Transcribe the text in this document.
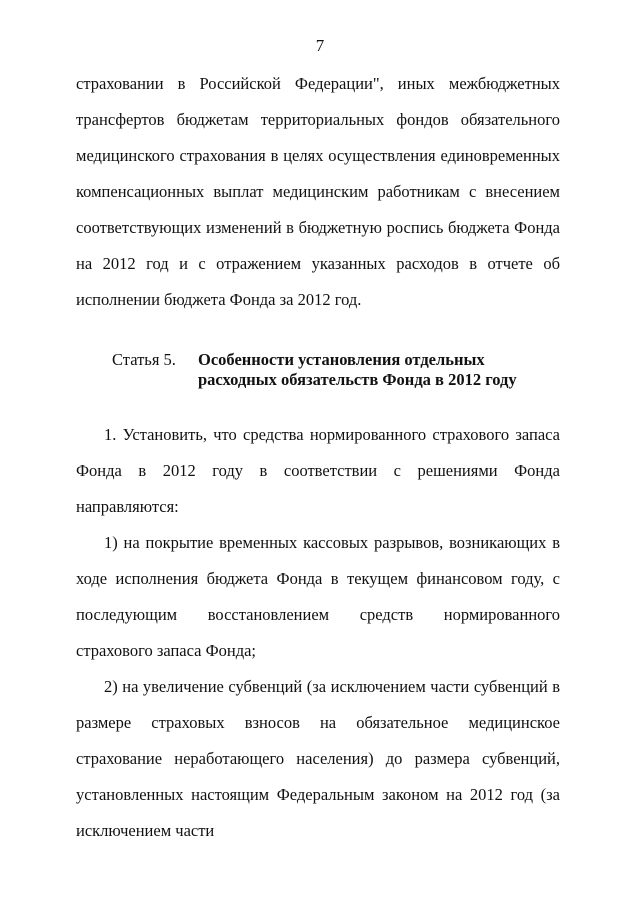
7

страховании в Российской Федерации", иных межбюджетных трансфертов бюджетам территориальных фондов обязательного медицинского страхования в целях осуществления единовременных компенсационных выплат медицинским работникам с внесением соответствующих изменений в бюджетную роспись бюджета Фонда на 2012 год и с отражением указанных расходов в отчете об исполнении бюджета Фонда за 2012 год.

Статья 5.	Особенности установления отдельных расходных обязательств Фонда в 2012 году

1. Установить, что средства нормированного страхового запаса Фонда в 2012 году в соответствии с решениями Фонда направляются:

1) на покрытие временных кассовых разрывов, возникающих в ходе исполнения бюджета Фонда в текущем финансовом году, с последующим восстановлением средств нормированного страхового запаса Фонда;

2) на увеличение субвенций (за исключением части субвенций в размере страховых взносов на обязательное медицинское страхование неработающего населения) до размера субвенций, установленных настоящим Федеральным законом на 2012 год (за исключением части
